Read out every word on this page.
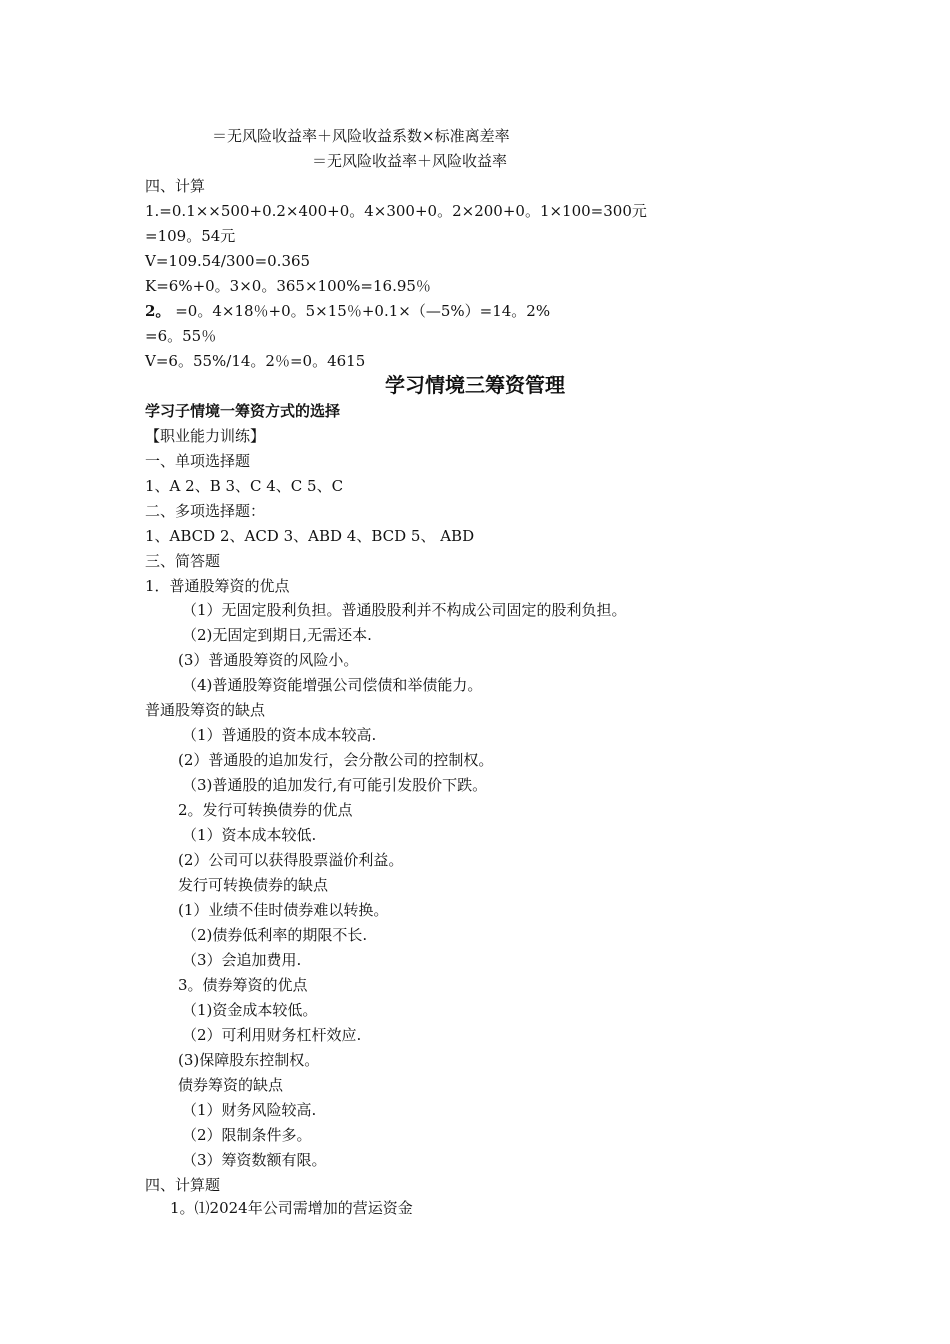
＝无风险收益率＋风险收益系数×标准离差率
＝无风险收益率＋风险收益率
四、计算
1.=0.1××500+0.2×400+0。4×300+0。2×200+0。1×100=300元
=109。54元
V=109.54/300=0.365
K=6%+0。3×0。365×100%=16.95％
2。 =0。4×18％+0。5×15％+0.1×（—5%）=14。2%
=6。55％
V=6。55%/14。2％=0。4615
学习情境三筹资管理
学习子情境一筹资方式的选择
【职业能力训练】
一、单项选择题
1、A 2、B 3、C 4、C 5、C
二、多项选择题：
1、ABCD 2、ACD 3、ABD 4、BCD 5、 ABD
三、简答题
1．普通股筹资的优点
（1）无固定股利负担。普通股股利并不构成公司固定的股利负担。
（2)无固定到期日,无需还本.
(3）普通股筹资的风险小。
（4)普通股筹资能增强公司偿债和举债能力。
普通股筹资的缺点
（1）普通股的资本成本较高.
(2）普通股的追加发行，会分散公司的控制权。
（3)普通股的追加发行,有可能引发股价下跌。
2。发行可转换债券的优点
（1）资本成本较低.
(2）公司可以获得股票溢价利益。
发行可转换债券的缺点
(1）业绩不佳时债券难以转换。
（2)债券低利率的期限不长.
（3）会追加费用.
3。债券筹资的优点
（1)资金成本较低。
（2）可利用财务杠杆效应.
(3)保障股东控制权。
债券筹资的缺点
（1）财务风险较高.
（2）限制条件多。
（3）筹资数额有限。
四、计算题
1。⑴2024年公司需增加的营运资金
